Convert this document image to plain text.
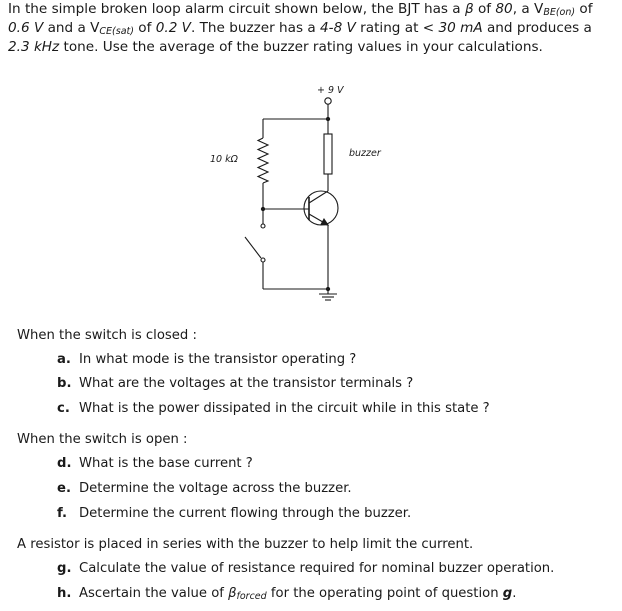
In the simple broken loop alarm circuit shown below, the BJT has a β of 80, a $V_{BE(on)}$ of 0.6 V and a $V_{CE(sat)}$ of 0.2 V. The buzzer has a 4-8 V rating at < 30 mA and produces a 2.3 kHz tone. Use the average of the buzzer rating values in your calculations.
+ 9 V
10 kΩ
buzzer
When the switch is closed :
a. In what mode is the transistor operating ?
b. What are the voltages at the transistor terminals ?
c. What is the power dissipated in the circuit while in this state ?
When the switch is open :
d. What is the base current ?
e. Determine the voltage across the buzzer.
f. Determine the current flowing through the buzzer.
A resistor is placed in series with the buzzer to help limit the current.
g. Calculate the value of resistance required for nominal buzzer operation.
h. Ascertain the value of $\beta_{forced}$ for the operating point of question g.
